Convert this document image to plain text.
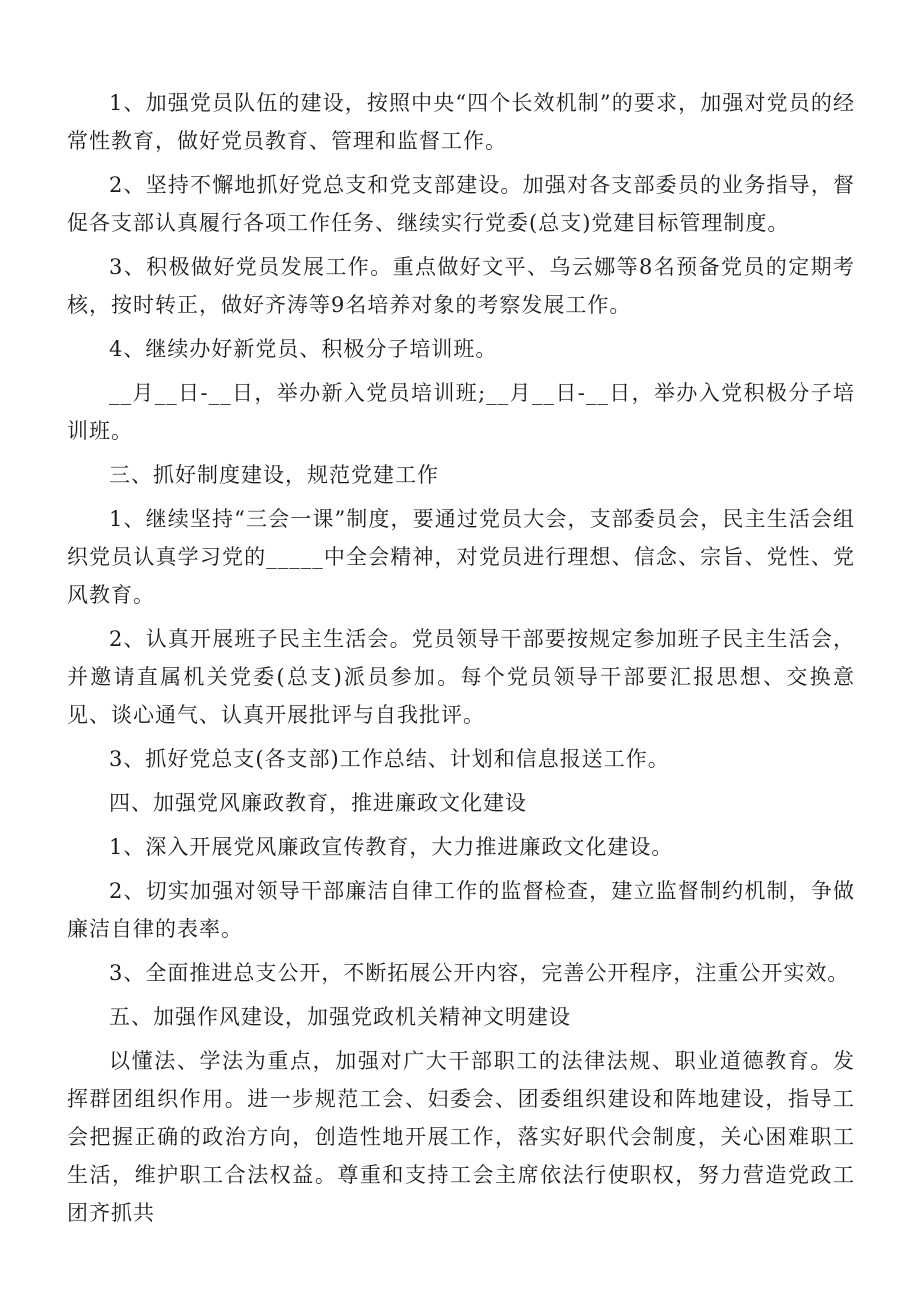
1、加强党员队伍的建设，按照中央“四个长效机制”的要求，加强对党员的经常性教育，做好党员教育、管理和监督工作。

2、坚持不懈地抓好党总支和党支部建设。加强对各支部委员的业务指导，督促各支部认真履行各项工作任务、继续实行党委(总支)党建目标管理制度。

3、积极做好党员发展工作。重点做好文平、乌云娜等8名预备党员的定期考核，按时转正，做好齐涛等9名培养对象的考察发展工作。

4、继续办好新党员、积极分子培训班。

__月__日-__日，举办新入党员培训班;__月__日-__日，举办入党积极分子培训班。

三、抓好制度建设，规范党建工作

1、继续坚持“三会一课”制度，要通过党员大会，支部委员会，民主生活会组织党员认真学习党的_____中全会精神，对党员进行理想、信念、宗旨、党性、党风教育。

2、认真开展班子民主生活会。党员领导干部要按规定参加班子民主生活会，并邀请直属机关党委(总支)派员参加。每个党员领导干部要汇报思想、交换意见、谈心通气、认真开展批评与自我批评。

3、抓好党总支(各支部)工作总结、计划和信息报送工作。

四、加强党风廉政教育，推进廉政文化建设

1、深入开展党风廉政宣传教育，大力推进廉政文化建设。

2、切实加强对领导干部廉洁自律工作的监督检查，建立监督制约机制，争做廉洁自律的表率。

3、全面推进总支公开，不断拓展公开内容，完善公开程序，注重公开实效。

五、加强作风建设，加强党政机关精神文明建设

以懂法、学法为重点，加强对广大干部职工的法律法规、职业道德教育。发挥群团组织作用。进一步规范工会、妇委会、团委组织建设和阵地建设，指导工会把握正确的政治方向，创造性地开展工作，落实好职代会制度，关心困难职工生活，维护职工合法权益。尊重和支持工会主席依法行使职权，努力营造党政工团齐抓共
